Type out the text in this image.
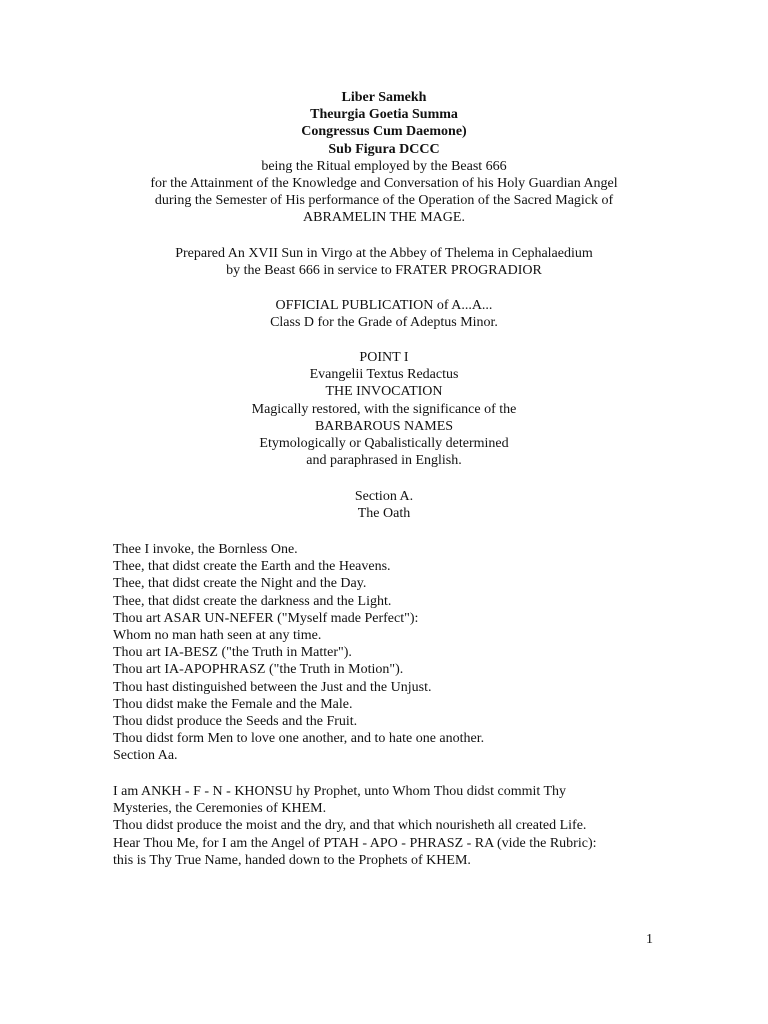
Liber Samekh
Theurgia Goetia Summa
Congressus Cum Daemone)
Sub Figura DCCC
being the Ritual employed by the Beast 666
for the Attainment of the Knowledge and Conversation of his Holy Guardian Angel
during the Semester of His performance of the Operation of the Sacred Magick of
ABRAMELIN THE MAGE.
Prepared An XVII Sun in Virgo at the Abbey of Thelema in Cephalaedium
by the Beast 666 in service to FRATER PROGRADIOR
OFFICIAL PUBLICATION of A...A...
Class D for the Grade of Adeptus Minor.
POINT I
Evangelii Textus Redactus
THE INVOCATION
Magically restored, with the significance of the
BARBAROUS NAMES
Etymologically or Qabalistically determined
and paraphrased in English.
Section A.
The Oath
Thee I invoke, the Bornless One.
Thee, that didst create the Earth and the Heavens.
Thee, that didst create the Night and the Day.
Thee, that didst create the darkness and the Light.
Thou art ASAR UN-NEFER ("Myself made Perfect"):
Whom no man hath seen at any time.
Thou art IA-BESZ ("the Truth in Matter").
Thou art IA-APOPHRASZ ("the Truth in Motion").
Thou hast distinguished between the Just and the Unjust.
Thou didst make the Female and the Male.
Thou didst produce the Seeds and the Fruit.
Thou didst form Men to love one another, and to hate one another.
Section Aa.
I am ANKH - F - N - KHONSU hy Prophet, unto Whom Thou didst commit Thy
Mysteries, the Ceremonies of KHEM.
Thou didst produce the moist and the dry, and that which nourisheth all created Life.
Hear Thou Me, for I am the Angel of PTAH - APO - PHRASZ - RA (vide the Rubric):
this is Thy True Name, handed down to the Prophets of KHEM.
1
